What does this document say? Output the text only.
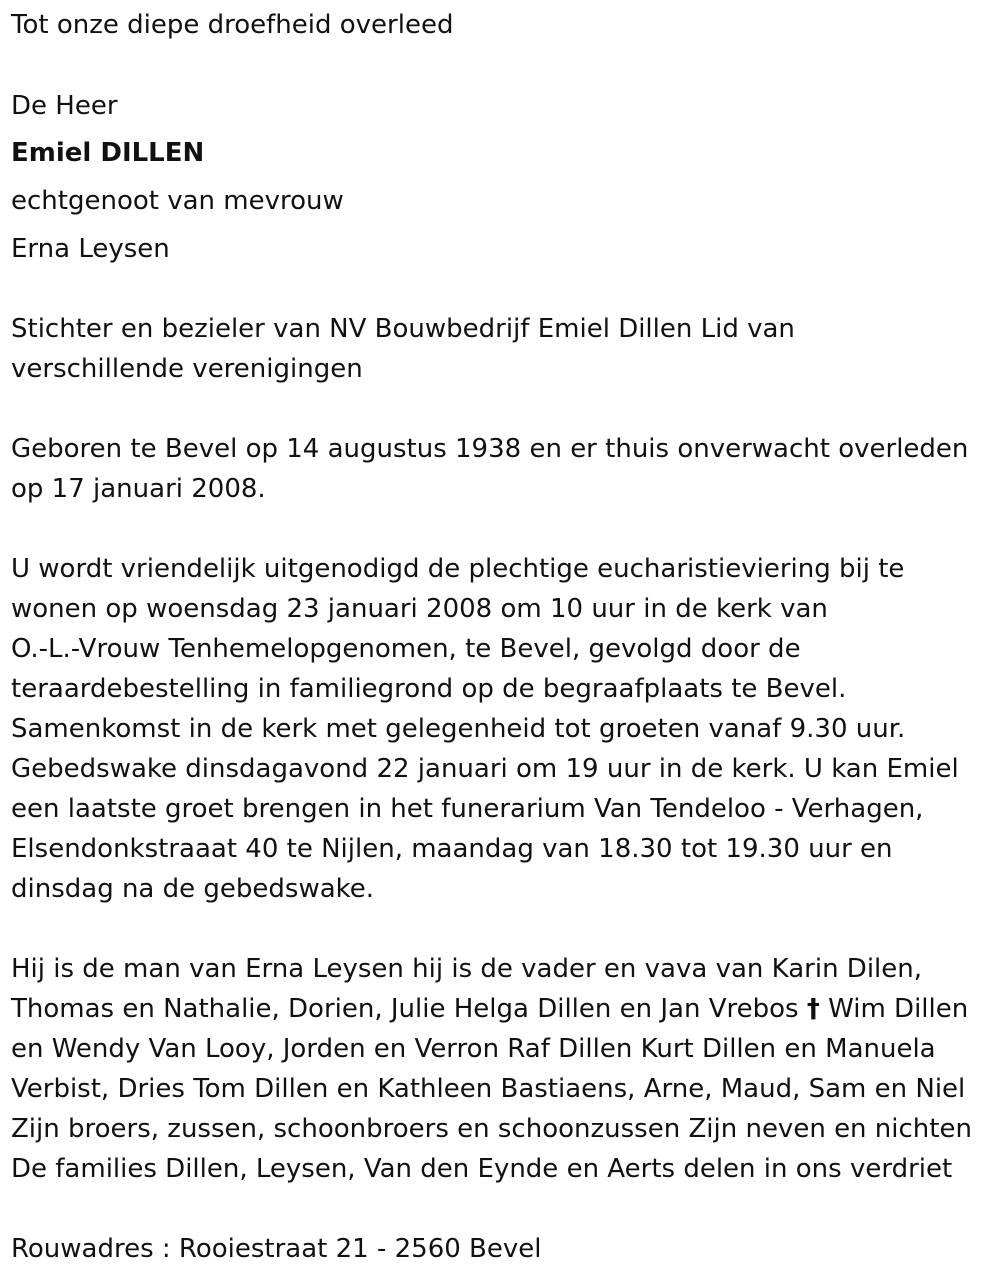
Tot onze diepe droefheid overleed
De Heer
Emiel DILLEN
echtgenoot van mevrouw
Erna Leysen
Stichter en bezieler van NV Bouwbedrijf Emiel Dillen Lid van
verschillende verenigingen
Geboren te Bevel op 14 augustus 1938 en er thuis onverwacht overleden
op 17 januari 2008.
U wordt vriendelijk uitgenodigd de plechtige eucharistieviering bij te
wonen op woensdag 23 januari 2008 om 10 uur in de kerk van
O.-L.-Vrouw Tenhemelopgenomen, te Bevel, gevolgd door de
teraardebestelling in familiegrond op de begraafplaats te Bevel.
Samenkomst in de kerk met gelegenheid tot groeten vanaf 9.30 uur.
Gebedswake dinsdagavond 22 januari om 19 uur in de kerk. U kan Emiel
een laatste groet brengen in het funerarium Van Tendeloo - Verhagen,
Elsendonkstraaat 40 te Nijlen, maandag van 18.30 tot 19.30 uur en
dinsdag na de gebedswake.
Hij is de man van Erna Leysen hij is de vader en vava van Karin Dilen,
Thomas en Nathalie, Dorien, Julie Helga Dillen en Jan Vrebos † Wim Dillen
en Wendy Van Looy, Jorden en Verron Raf Dillen Kurt Dillen en Manuela
Verbist, Dries Tom Dillen en Kathleen Bastiaens, Arne, Maud, Sam en Niel
Zijn broers, zussen, schoonbroers en schoonzussen Zijn neven en nichten
De families Dillen, Leysen, Van den Eynde en Aerts delen in ons verdriet
Rouwadres : Rooiestraat 21 - 2560 Bevel
